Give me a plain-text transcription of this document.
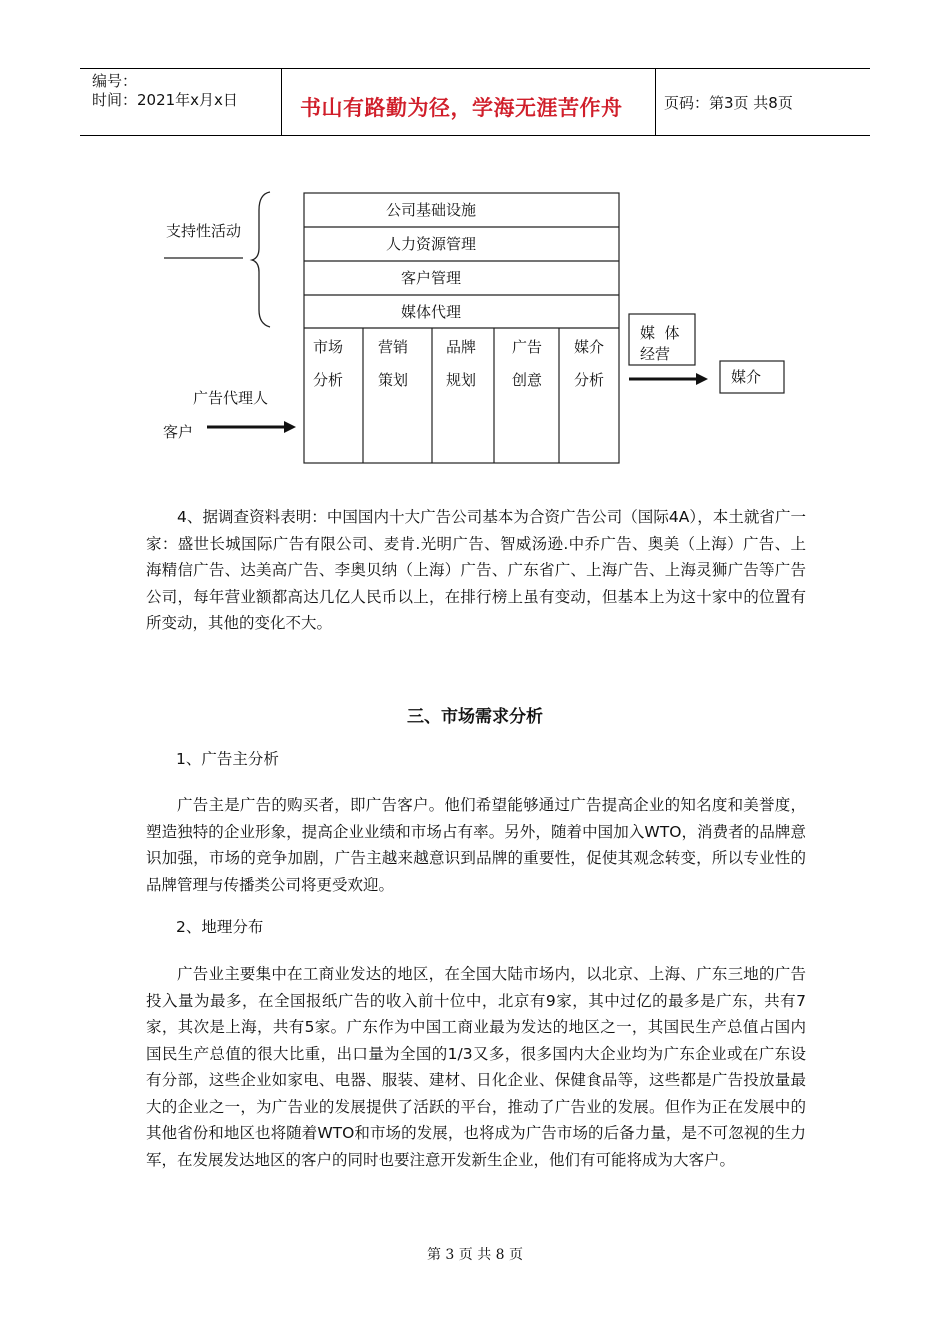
编号：
时间：2021年x月x日	书山有路勤为径，学海无涯苦作舟	页码：第3页 共8页
支持性活动
公司基础设施
人力资源管理
客户管理
媒体代理
市场
分析
营销
策划
品牌
规划
广告
创意
媒介
分析
广告代理人
客户
媒  体
经营
媒介
4、据调查资料表明：中国国内十大广告公司基本为合资广告公司（国际4A），本土就省广一家：盛世长城国际广告有限公司、麦肯.光明广告、智威汤逊.中乔广告、奥美（上海）广告、上海精信广告、达美高广告、李奥贝纳（上海）广告、广东省广、上海广告、上海灵狮广告等广告公司，每年营业额都高达几亿人民币以上，在排行榜上虽有变动，但基本上为这十家中的位置有所变动，其他的变化不大。
三、市场需求分析
1、广告主分析
广告主是广告的购买者，即广告客户。他们希望能够通过广告提高企业的知名度和美誉度，塑造独特的企业形象，提高企业业绩和市场占有率。另外，随着中国加入WTO，消费者的品牌意识加强，市场的竞争加剧，广告主越来越意识到品牌的重要性，促使其观念转变，所以专业性的品牌管理与传播类公司将更受欢迎。
2、地理分布
广告业主要集中在工商业发达的地区，在全国大陆市场内，以北京、上海、广东三地的广告投入量为最多，在全国报纸广告的收入前十位中，北京有9家，其中过亿的最多是广东，共有7家，其次是上海，共有5家。广东作为中国工商业最为发达的地区之一，其国民生产总值占国内国民生产总值的很大比重，出口量为全国的1/3又多，很多国内大企业均为广东企业或在广东设有分部，这些企业如家电、电器、服装、建材、日化企业、保健食品等，这些都是广告投放量最大的企业之一，为广告业的发展提供了活跃的平台，推动了广告业的发展。但作为正在发展中的其他省份和地区也将随着WTO和市场的发展，也将成为广告市场的后备力量，是不可忽视的生力军，在发展发达地区的客户的同时也要注意开发新生企业，他们有可能将成为大客户。
第 3 页 共 8 页
